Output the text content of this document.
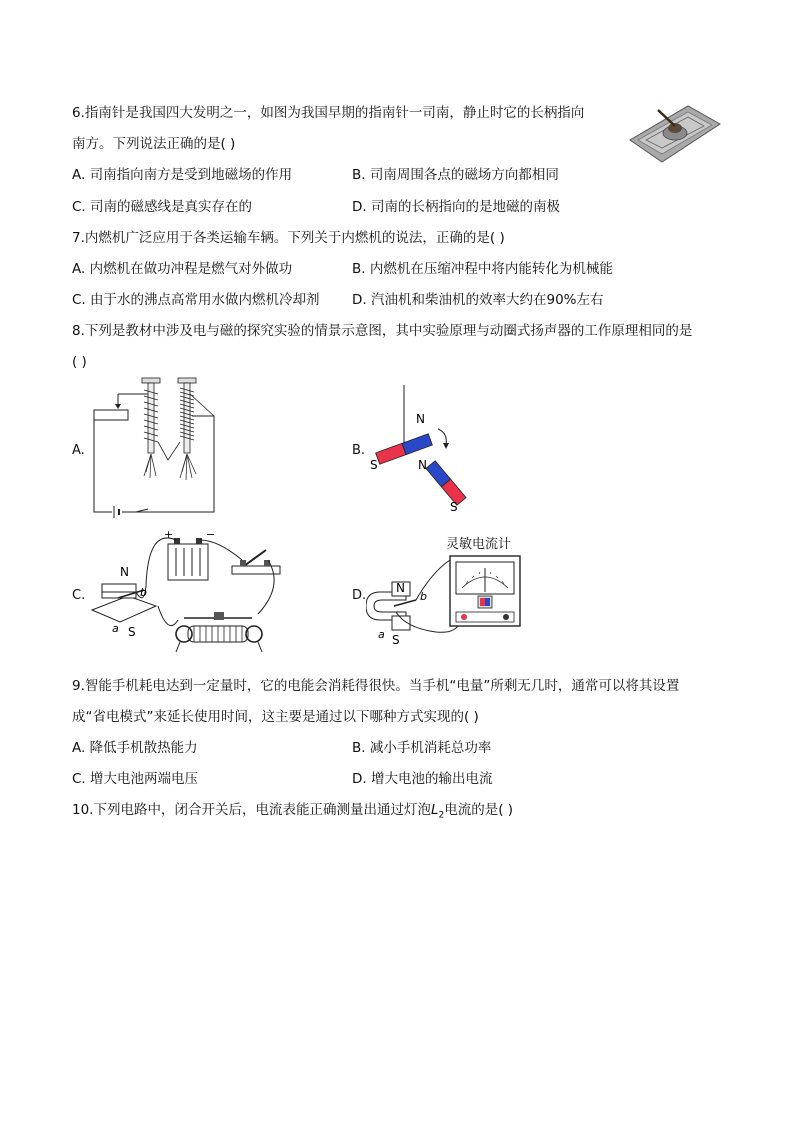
6.指南针是我国四大发明之一，如图为我国早期的指南针一司南，静止时它的长柄指向
南方。下列说法正确的是( )
A. 司南指向南方是受到地磁场的作用	B. 司南周围各点的磁场方向都相同
C. 司南的磁感线是真实存在的	D. 司南的长柄指向的是地磁的南极
7.内燃机广泛应用于各类运输车辆。下列关于内燃机的说法，正确的是( )
A. 内燃机在做功冲程是燃气对外做功	B. 内燃机在压缩冲程中将内能转化为机械能
C. 由于水的沸点高常用水做内燃机冷却剂 D. 汽油机和柴油机的效率大约在90%左右
8.下列是教材中涉及电与磁的探究实验的情景示意图，其中实验原理与动圈式扬声器的工作原理相同的是
( )
A.	B.
N
S	N
S
C.
+	−
N
S
a
b	D.
灵敏电流计
N
S
a
b
9.智能手机耗电达到一定量时，它的电能会消耗得很快。当手机“电量”所剩无几时，通常可以将其设置
成“省电模式”来延长使用时间，这主要是通过以下哪种方式实现的( )
A. 降低手机散热能力	B. 减小手机消耗总功率
C. 增大电池两端电压	D. 增大电池的输出电流
10.下列电路中，闭合开关后，电流表能正确测量出通过灯泡$L_2$电流的是( )
